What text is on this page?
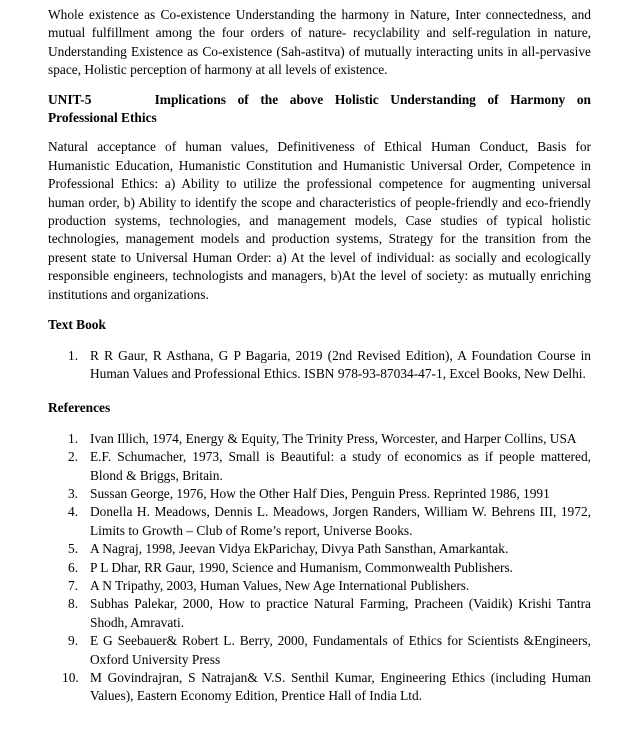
Whole existence as Co-existence Understanding the harmony in Nature, Inter connectedness, and mutual fulfillment among the four orders of nature- recyclability and self-regulation in nature, Understanding Existence as Co-existence (Sah-astitva) of mutually interacting units in all-pervasive space, Holistic perception of harmony at all levels of existence.

UNIT-5	Implications of the above Holistic Understanding of Harmony on
Professional Ethics

Natural acceptance of human values, Definitiveness of Ethical Human Conduct, Basis for Humanistic Education, Humanistic Constitution and Humanistic Universal Order, Competence in Professional Ethics: a) Ability to utilize the professional competence for augmenting universal human order, b) Ability to identify the scope and characteristics of people-friendly and eco-friendly production systems, technologies, and management models, Case studies of typical holistic technologies, management models and production systems, Strategy for the transition from the present state to Universal Human Order: a) At the level of individual: as socially and ecologically responsible engineers, technologists and managers, b)At the level of society: as mutually enriching institutions and organizations.

Text Book
1. R R Gaur, R Asthana, G P Bagaria, 2019 (2nd Revised Edition), A Foundation Course in Human Values and Professional Ethics. ISBN 978-93-87034-47-1, Excel Books, New Delhi.
References
1. Ivan Illich, 1974, Energy & Equity, The Trinity Press, Worcester, and Harper Collins, USA
2. E.F. Schumacher, 1973, Small is Beautiful: a study of economics as if people mattered, Blond & Briggs, Britain.
3. Sussan George, 1976, How the Other Half Dies, Penguin Press. Reprinted 1986, 1991
4. Donella H. Meadows, Dennis L. Meadows, Jorgen Randers, William W. Behrens III, 1972, Limits to Growth – Club of Rome’s report, Universe Books.
5. A Nagraj, 1998, Jeevan Vidya EkParichay, Divya Path Sansthan, Amarkantak.
6. P L Dhar, RR Gaur, 1990, Science and Humanism, Commonwealth Publishers.
7. A N Tripathy, 2003, Human Values, New Age International Publishers.
8. Subhas Palekar, 2000, How to practice Natural Farming, Pracheen (Vaidik) Krishi Tantra Shodh, Amravati.
9. E G Seebauer& Robert L. Berry, 2000, Fundamentals of Ethics for Scientists &Engineers, Oxford University Press
10. M Govindrajran, S Natrajan& V.S. Senthil Kumar, Engineering Ethics (including Human Values), Eastern Economy Edition, Prentice Hall of India Ltd.
